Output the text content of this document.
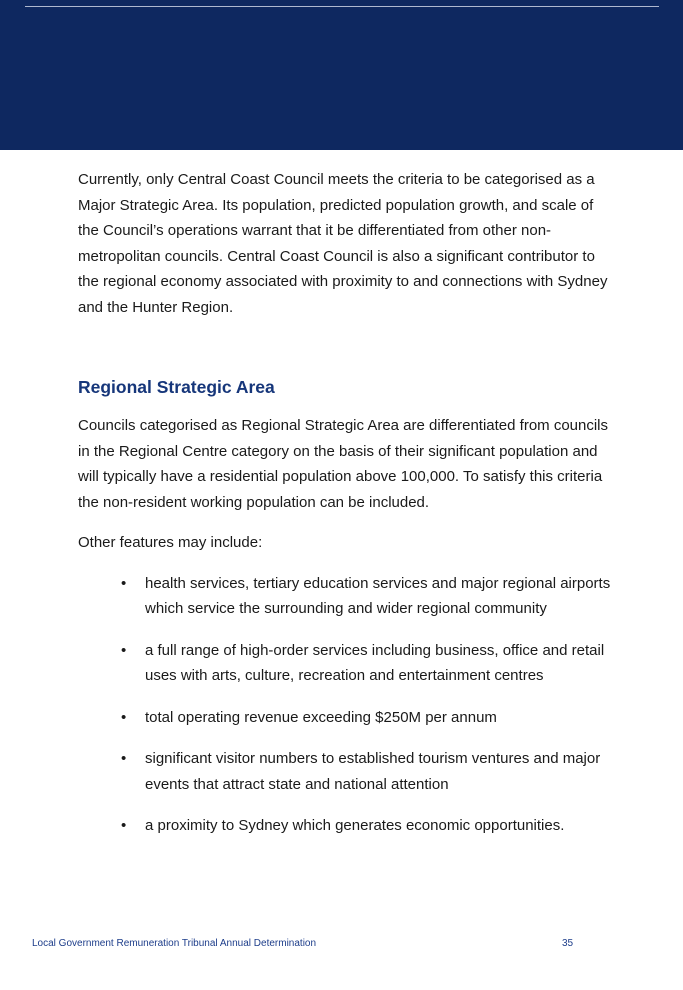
Currently, only Central Coast Council meets the criteria to be categorised as a Major Strategic Area. Its population, predicted population growth, and scale of the Council’s operations warrant that it be differentiated from other non-metropolitan councils. Central Coast Council is also a significant contributor to the regional economy associated with proximity to and connections with Sydney and the Hunter Region.

Regional Strategic Area

Councils categorised as Regional Strategic Area are differentiated from councils in the Regional Centre category on the basis of their significant population and will typically have a residential population above 100,000. To satisfy this criteria the non-resident working population can be included.

Other features may include:

• health services, tertiary education services and major regional airports which service the surrounding and wider regional community
• a full range of high-order services including business, office and retail uses with arts, culture, recreation and entertainment centres
• total operating revenue exceeding $250M per annum
• significant visitor numbers to established tourism ventures and major events that attract state and national attention
• a proximity to Sydney which generates economic opportunities.
Local Government Remuneration Tribunal Annual Determination	35
